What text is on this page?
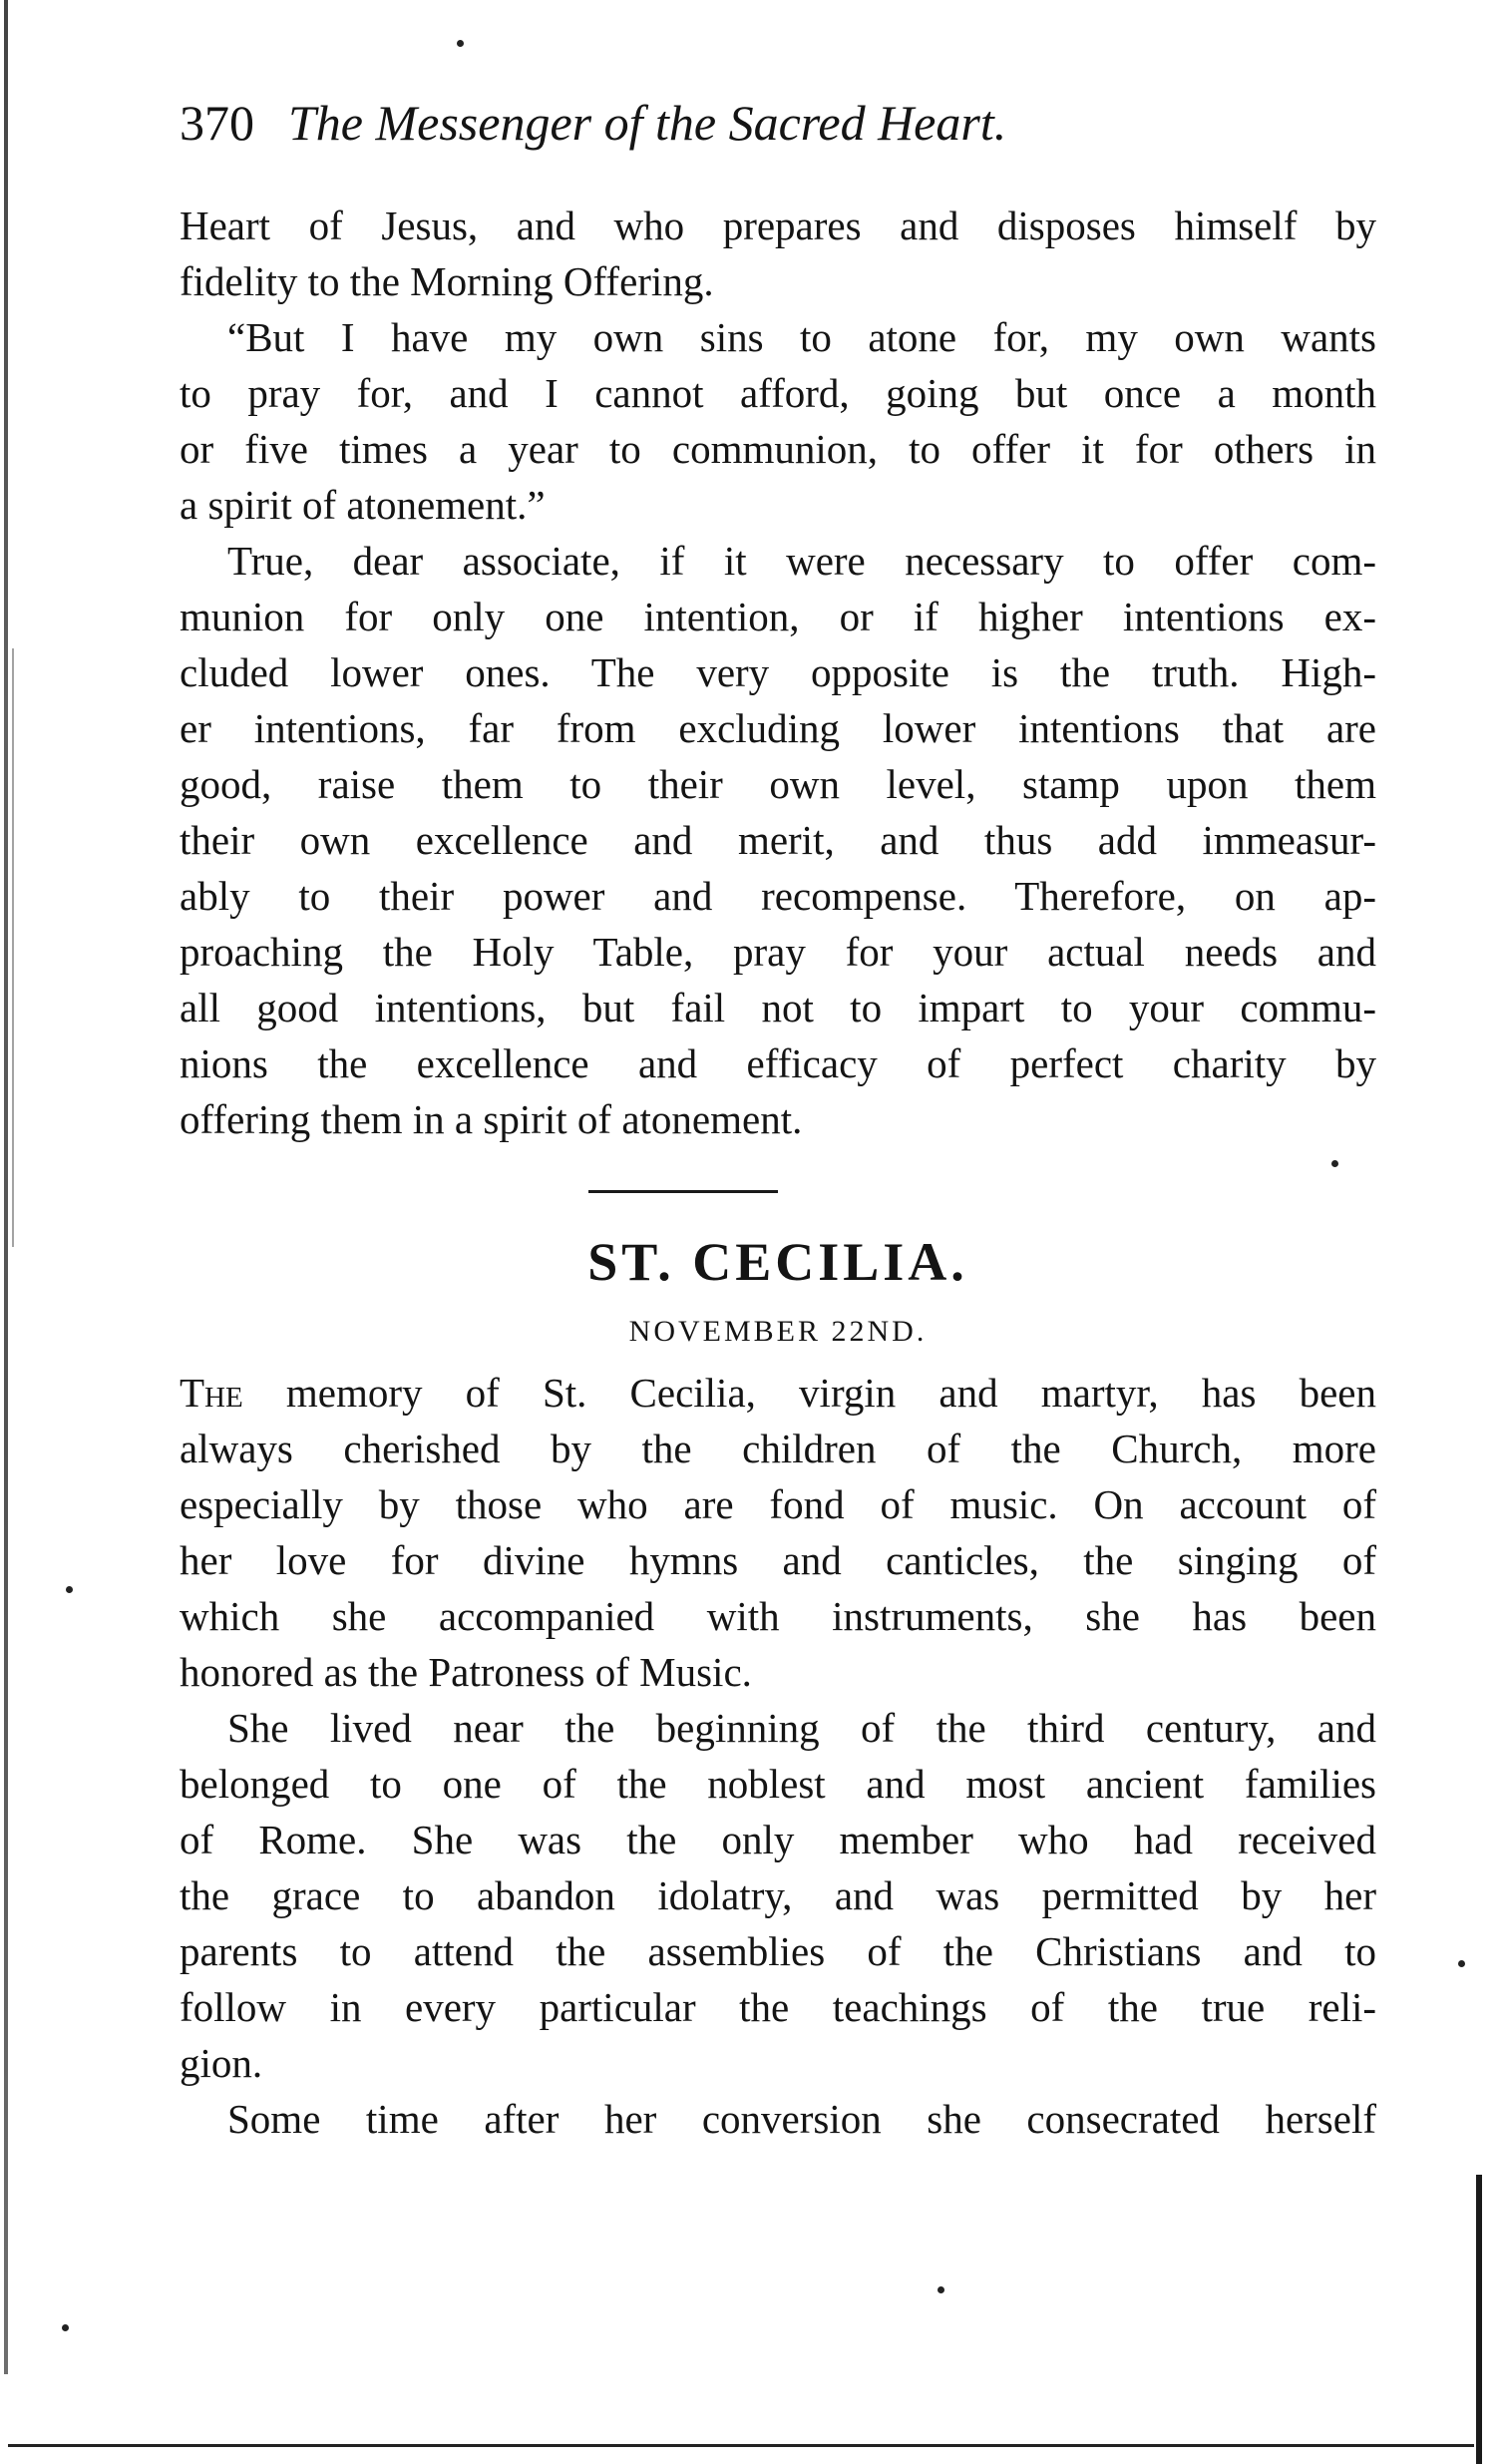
370 The Messenger of the Sacred Heart.
Heart of Jesus, and who prepares and disposes himself by
fidelity to the Morning Offering.
“But I have my own sins to atone for, my own wants
to pray for, and I cannot afford, going but once a month
or five times a year to communion, to offer it for others in
a spirit of atonement.”
True, dear associate, if it were necessary to offer com-
munion for only one intention, or if higher intentions ex-
cluded lower ones. The very opposite is the truth. High-
er intentions, far from excluding lower intentions that are
good, raise them to their own level, stamp upon them
their own excellence and merit, and thus add immeasur-
ably to their power and recompense. Therefore, on ap-
proaching the Holy Table, pray for your actual needs and
all good intentions, but fail not to impart to your commu-
nions the excellence and efficacy of perfect charity by
offering them in a spirit of atonement.
ST. CECILIA.
NOVEMBER 22ND.
The memory of St. Cecilia, virgin and martyr, has been
always cherished by the children of the Church, more
especially by those who are fond of music. On account of
her love for divine hymns and canticles, the singing of
which she accompanied with instruments, she has been
honored as the Patroness of Music.
She lived near the beginning of the third century, and
belonged to one of the noblest and most ancient families
of Rome. She was the only member who had received
the grace to abandon idolatry, and was permitted by her
parents to attend the assemblies of the Christians and to
follow in every particular the teachings of the true reli-
gion.
Some time after her conversion she consecrated herself
